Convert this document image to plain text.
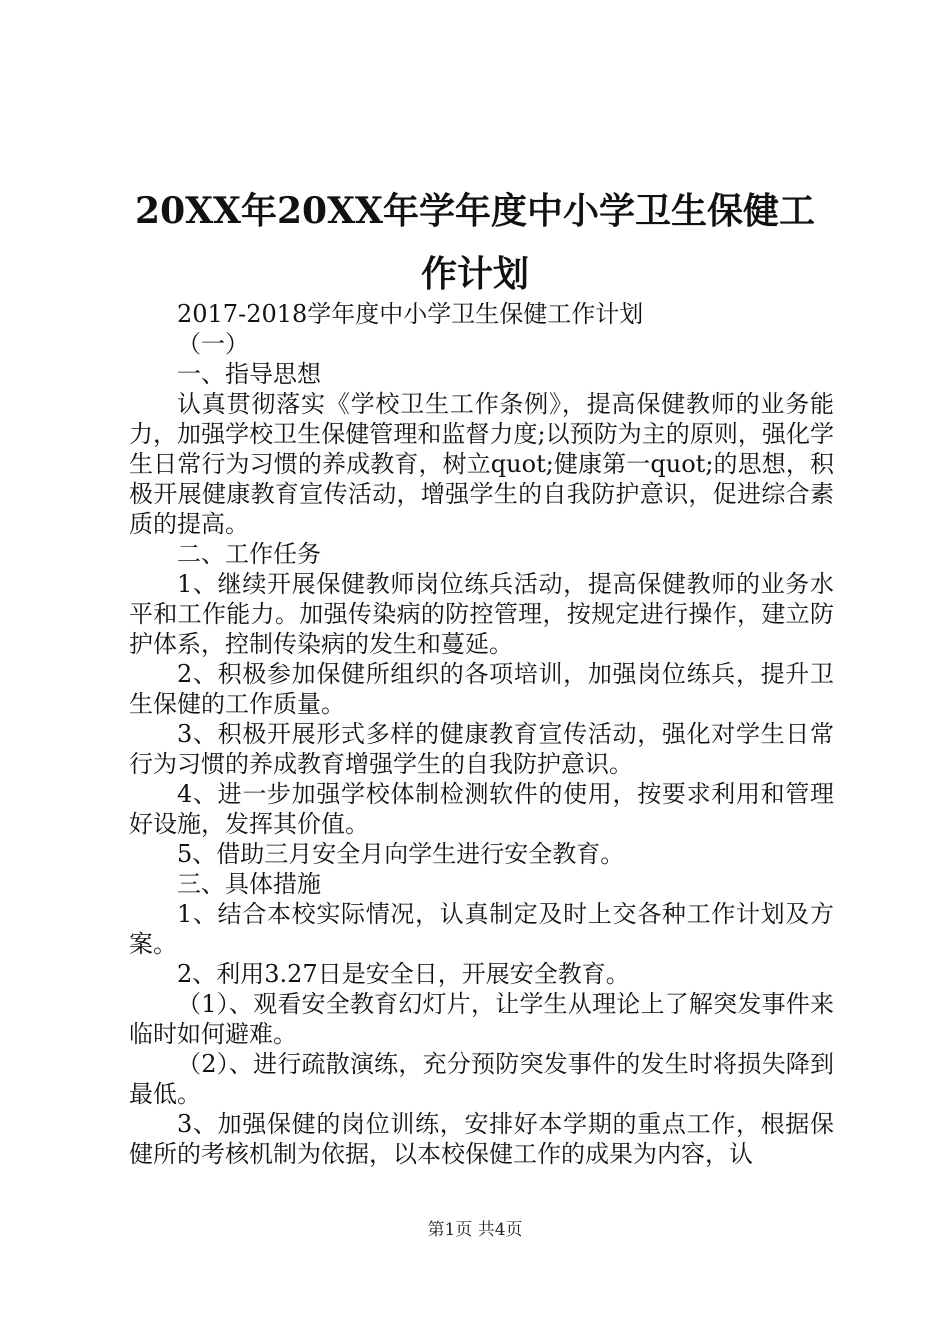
20XX年20XX年学年度中小学卫生保健工作计划

2017-2018学年度中小学卫生保健工作计划

（一）

一、指导思想

认真贯彻落实《学校卫生工作条例》，提高保健教师的业务能力，加强学校卫生保健管理和监督力度;以预防为主的原则，强化学生日常行为习惯的养成教育，树立quot;健康第一quot;的思想，积极开展健康教育宣传活动，增强学生的自我防护意识，促进综合素质的提高。

二、工作任务

1、继续开展保健教师岗位练兵活动，提高保健教师的业务水平和工作能力。加强传染病的防控管理，按规定进行操作，建立防护体系，控制传染病的发生和蔓延。

2、积极参加保健所组织的各项培训，加强岗位练兵，提升卫生保健的工作质量。

3、积极开展形式多样的健康教育宣传活动，强化对学生日常行为习惯的养成教育增强学生的自我防护意识。

4、进一步加强学校体制检测软件的使用，按要求利用和管理好设施，发挥其价值。

5、借助三月安全月向学生进行安全教育。

三、具体措施

1、结合本校实际情况，认真制定及时上交各种工作计划及方案。

2、利用3.27日是安全日，开展安全教育。

（1）、观看安全教育幻灯片，让学生从理论上了解突发事件来临时如何避难。

（2）、进行疏散演练，充分预防突发事件的发生时将损失降到最低。

3、加强保健的岗位训练，安排好本学期的重点工作，根据保健所的考核机制为依据，以本校保健工作的成果为内容，认

第1页 共4页
